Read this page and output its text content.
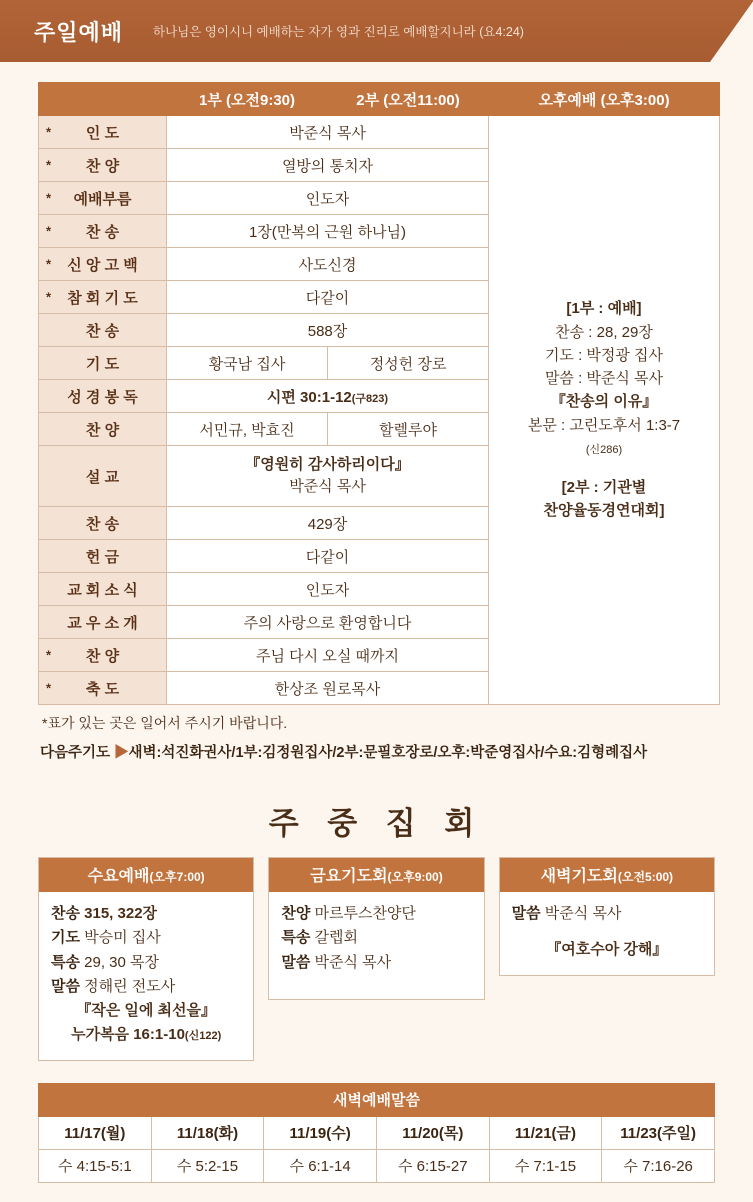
주일예배 하나님은 영이시니 예배하는 자가 영과 진리로 예배할지니라 (요4:24)
	1부 (오전9:30)	2부 (오전11:00)	오후예배 (오후3:00)

* 인 도	박준식 목사	[1부 : 예배]
찬송 : 28, 29장
기도 : 박정광 집사
말씀 : 박준식 목사
『찬송의 이유』
본문 : 고린도후서 1:3-7
(신286)
[2부 : 기관별
찬양율동경연대회]

* 찬 양	열방의 통치자		

* 예배부름	인도자		

* 찬 송	1장(만복의 근원 하나님)		

* 신 앙 고 백	사도신경		

* 참 회 기 도	다같이		
찬 송	588장		
기 도	황국남 집사	정성헌 장로	
성 경 봉 독	시편 30:1-12(구823)		
찬 양	서민규, 박효진	할렐루야	
설 교	『영원히 감사하리이다』
박준식 목사		
찬 송	429장		
헌 금	다같이		
교 회 소 식	인도자		
교 우 소 개	주의 사랑으로 환영합니다		

* 찬 양	주님 다시 오실 때까지		

* 축 도	한상조 원로목사		
*표가 있는 곳은 일어서 주시기 바랍니다.
다음주기도 ▶새벽:석진화권사/1부:김정원집사/2부:문필호장로/오후:박준영집사/수요:김형례집사
주 중 집 회
수요예배(오후7:00)
찬송 315, 322장
기도 박승미 집사
특송 29, 30 목장
말씀 정해린 전도사
『작은 일에 최선을』
누가복음 16:1-10(신122)
금요기도회(오후9:00)
찬양 마르투스찬양단
특송 갈렙회
말씀 박준식 목사
새벽기도회(오전5:00)
말씀 박준식 목사
『여호수아 강해』
새벽예배말씀					
11/17(월)	11/18(화)	11/19(수)	11/20(목)	11/21(금)	11/23(주일)
수 4:15-5:1	수 5:2-15	수 6:1-14	수 6:15-27	수 7:1-15	수 7:16-26
